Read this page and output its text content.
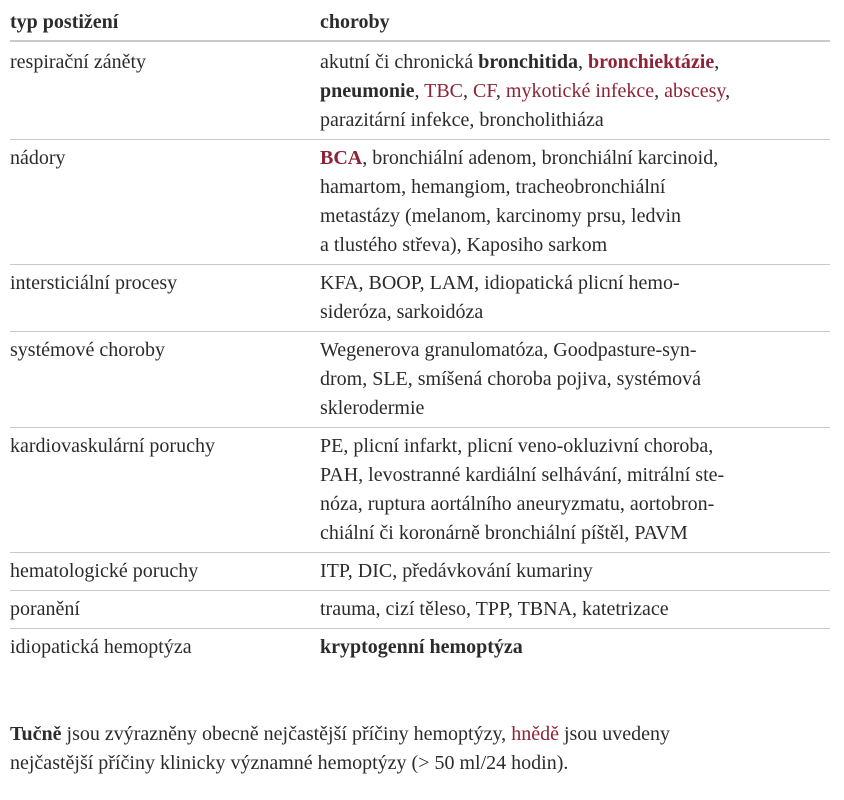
typ postižení	choroby
respirační záněty	akutní či chronická bronchitida, bronchiektázie,
pneumonie, TBC, CF, mykotické infekce, abscesy,
parazitární infekce, broncholithiáza
nádory	BCA, bronchiální adenom, bronchiální karcinoid,
hamartom, hemangiom, tracheobronchiální
metastázy (melanom, karcinomy prsu, ledvin
a tlustého střeva), Kaposiho sarkom
intersticiální procesy	KFA, BOOP, LAM, idiopatická plicní hemo-
sideróza, sarkoidóza
systémové choroby	Wegenerova granulomatóza, Goodpasture-syn-
drom, SLE, smíšená choroba pojiva, systémová
sklerodermie
kardiovaskulární poruchy	PE, plicní infarkt, plicní veno-okluzivní choroba,
PAH, levostranné kardiální selhávání, mitrální ste-
nóza, ruptura aortálního aneuryzmatu, aortobron-
chiální či koronárně bronchiální píštěl, PAVM
hematologické poruchy	ITP, DIC, předávkování kumariny
poranění	trauma, cizí těleso, TPP, TBNA, katetrizace
idiopatická hemoptýza	kryptogenní hemoptýza
Tučně jsou zvýrazněny obecně nejčastější příčiny hemoptýzy, hnědě jsou uvedeny
nejčastější příčiny klinicky významné hemoptýzy (> 50 ml/24 hodin).
